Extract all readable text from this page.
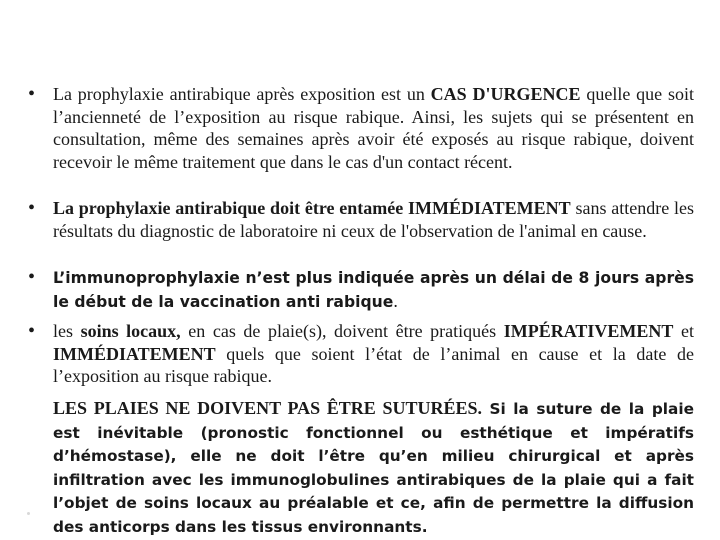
• La prophylaxie antirabique après exposition est un CAS D'URGENCE quelle que soit l’ancienneté de l’exposition au risque rabique. Ainsi, les sujets qui se présentent en consultation, même des semaines après avoir été exposés au risque rabique, doivent recevoir le même traitement que dans le cas d'un contact récent.
• La prophylaxie antirabique doit être entamée IMMÉDIATEMENT sans attendre les résultats du diagnostic de laboratoire ni ceux de l'observation de l'animal en cause.
•	L’immunoprophylaxie n’est plus indiquée après un délai de 8 jours après le début de la vaccination anti rabique.
• les soins locaux, en cas de plaie(s), doivent être pratiqués IMPÉRATIVEMENT et IMMÉDIATEMENT quels que soient l’état de l’animal en cause et la date de l’exposition au risque rabique.
LES PLAIES NE DOIVENT PAS ÊTRE SUTURÉES. Si la suture de la plaie est inévitable (pronostic fonctionnel ou esthétique et impératifs d’hémostase), elle ne doit l’être qu’en milieu chirurgical et après infiltration avec les immunoglobulines antirabiques de la plaie qui a fait l’objet de soins locaux au préalable et ce, afin de permettre la diffusion des anticorps dans les tissus environnants.
